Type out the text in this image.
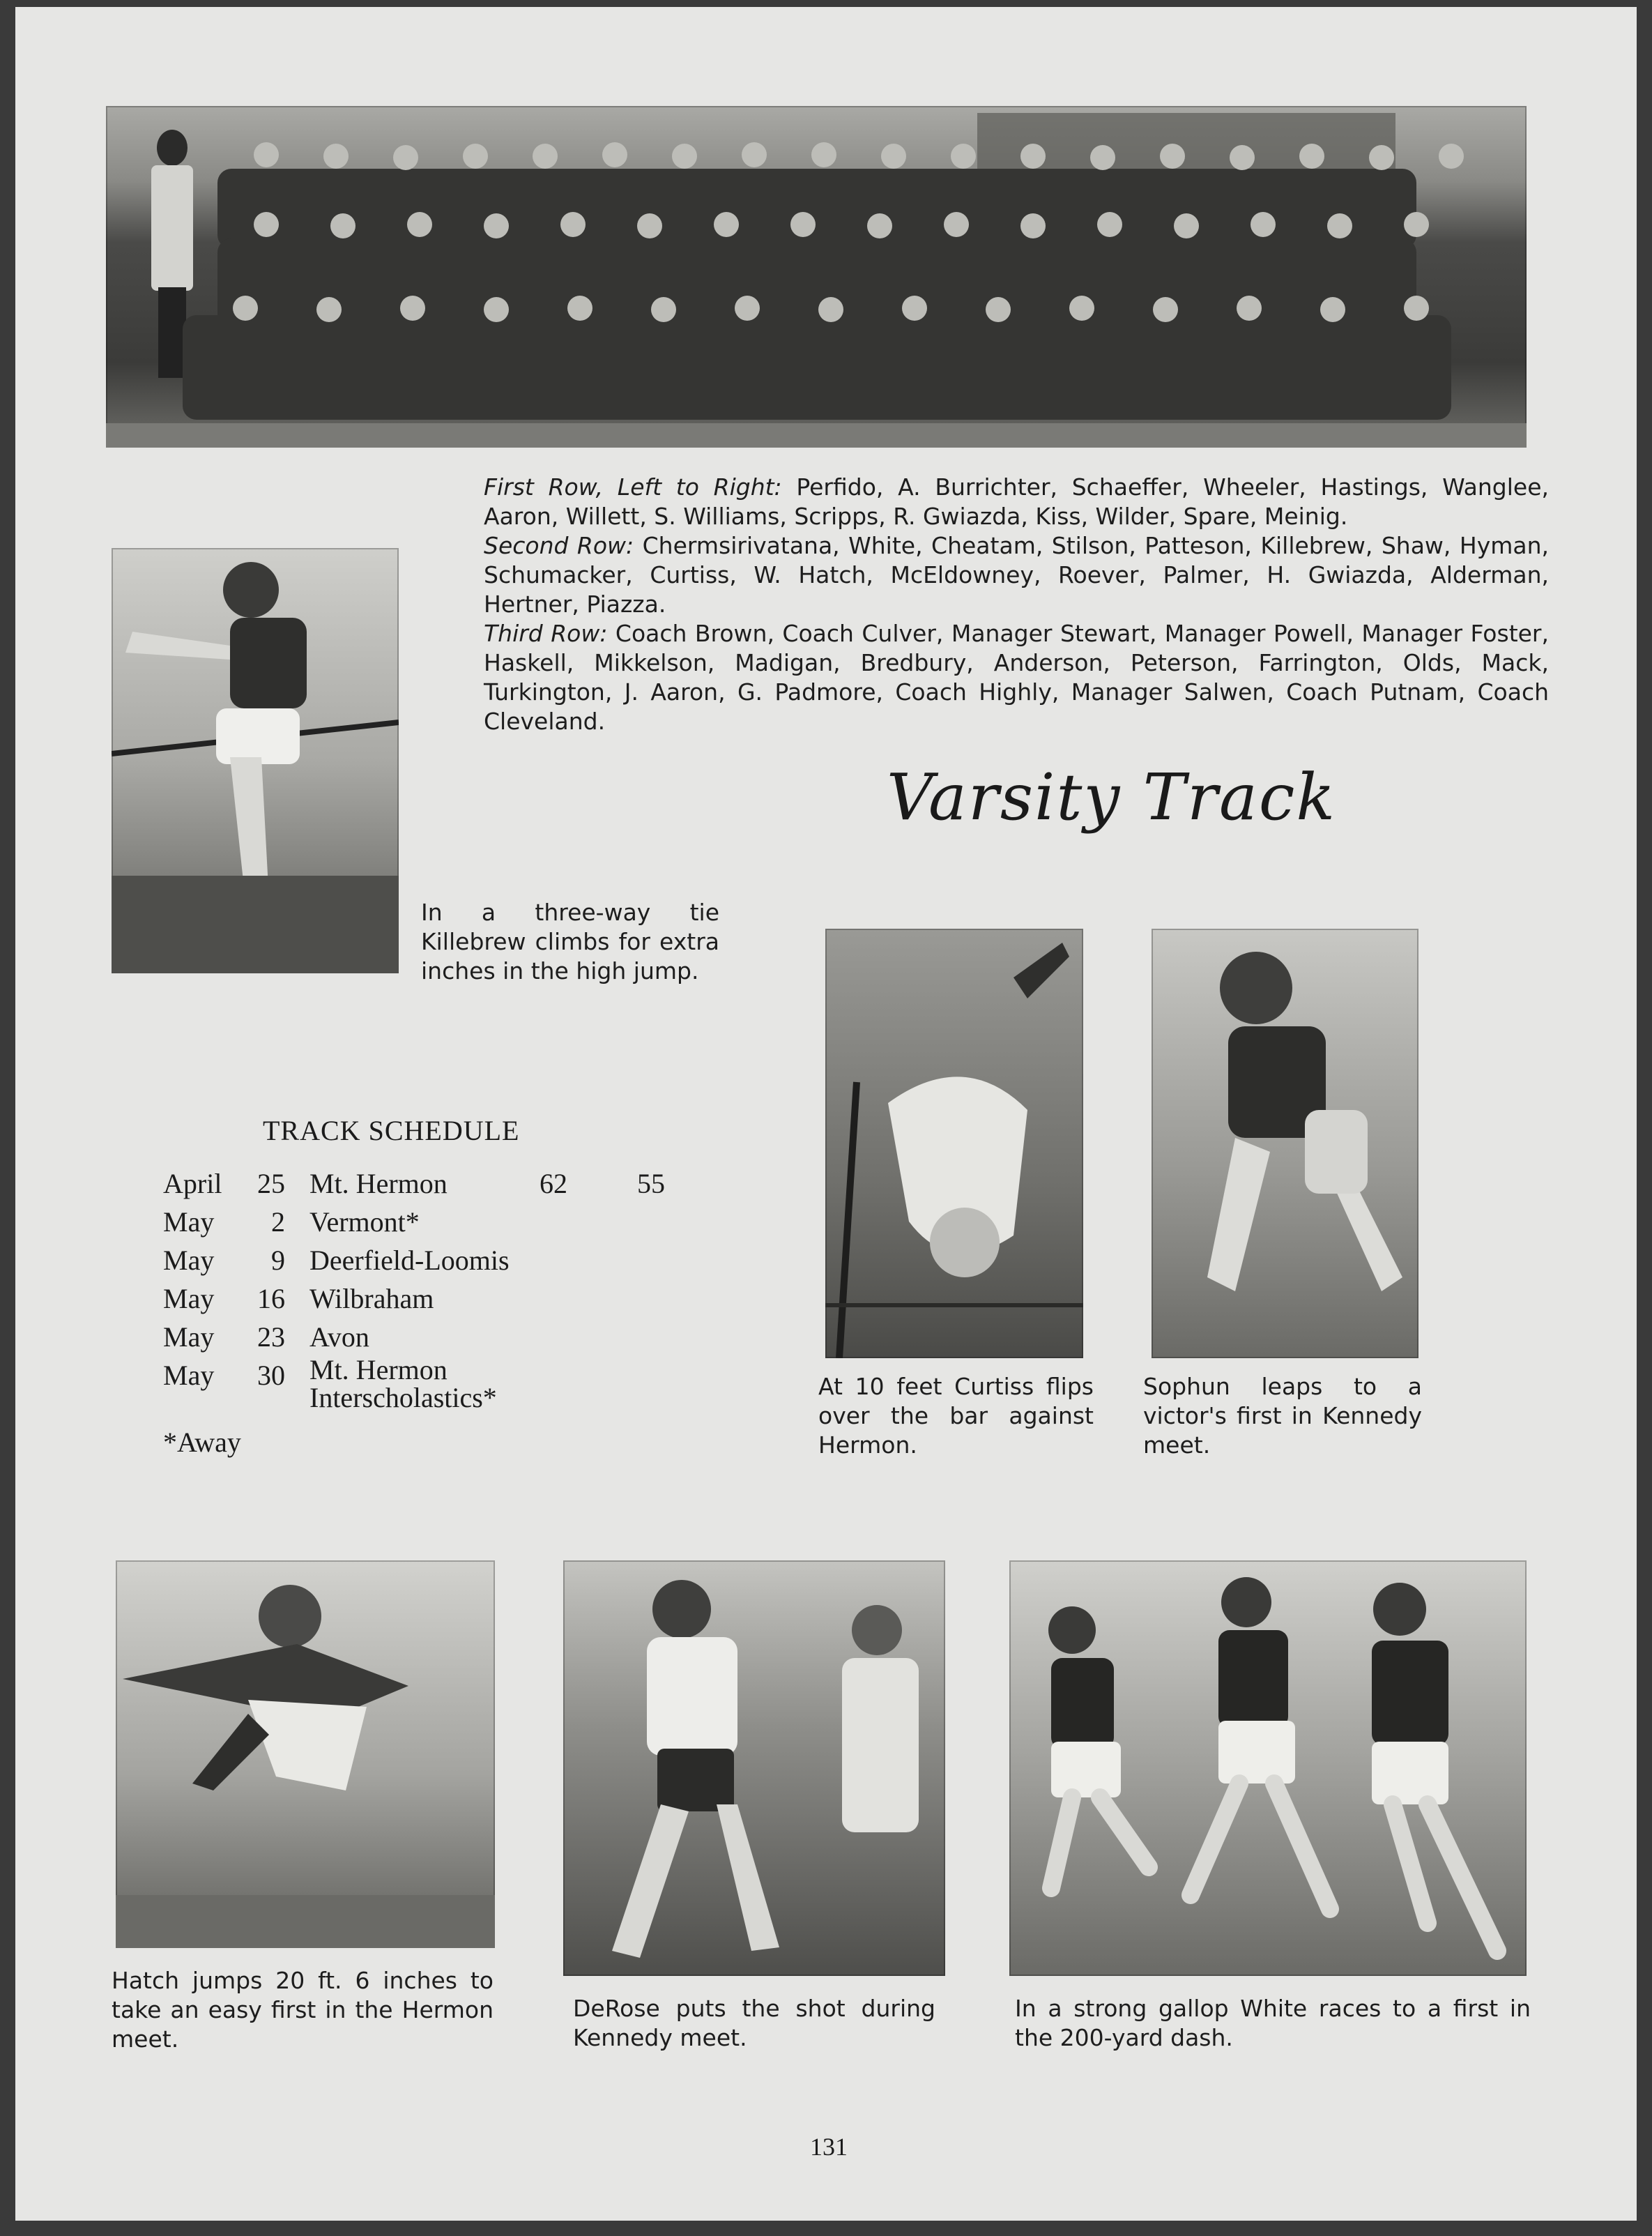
First Row, Left to Right: Perfido, A. Burrichter, Schaeffer, Wheeler, Hastings, Wanglee, Aaron, Willett, S. Williams, Scripps, R. Gwiazda, Kiss, Wilder, Spare, Meinig.
Second Row: Chermsirivatana, White, Cheatam, Stilson, Patteson, Killebrew, Shaw, Hyman, Schumacker, Curtiss, W. Hatch, McEldowney, Roever, Palmer, H. Gwiazda, Alderman, Hertner, Piazza.
Third Row: Coach Brown, Coach Culver, Manager Stewart, Manager Powell, Manager Foster, Haskell, Mikkelson, Madigan, Bredbury, Anderson, Peterson, Farrington, Olds, Mack, Turkington, J. Aaron, G. Padmore, Coach Highly, Manager Salwen, Coach Putnam, Coach Cleveland.
In a three-way tie Killebrew climbs for extra inches in the high jump.
Varsity Track
At 10 feet Curtiss flips over the bar against Hermon.
Sophun leaps to a victor's first in Kennedy meet.
TRACK SCHEDULE
April 25 Mt. Hermon	62	55
May	2 Vermont*
May	9 Deerfield-Loomis
May 16 Wilbraham
May 23 Avon
May 30 Mt. Hermon
Interscholastics*
*Away
Hatch jumps 20 ft. 6 inches to take an easy first in the Hermon meet.
DeRose puts the shot during Kennedy meet.
In a strong gallop White races to a first in the 200-yard dash.
131
